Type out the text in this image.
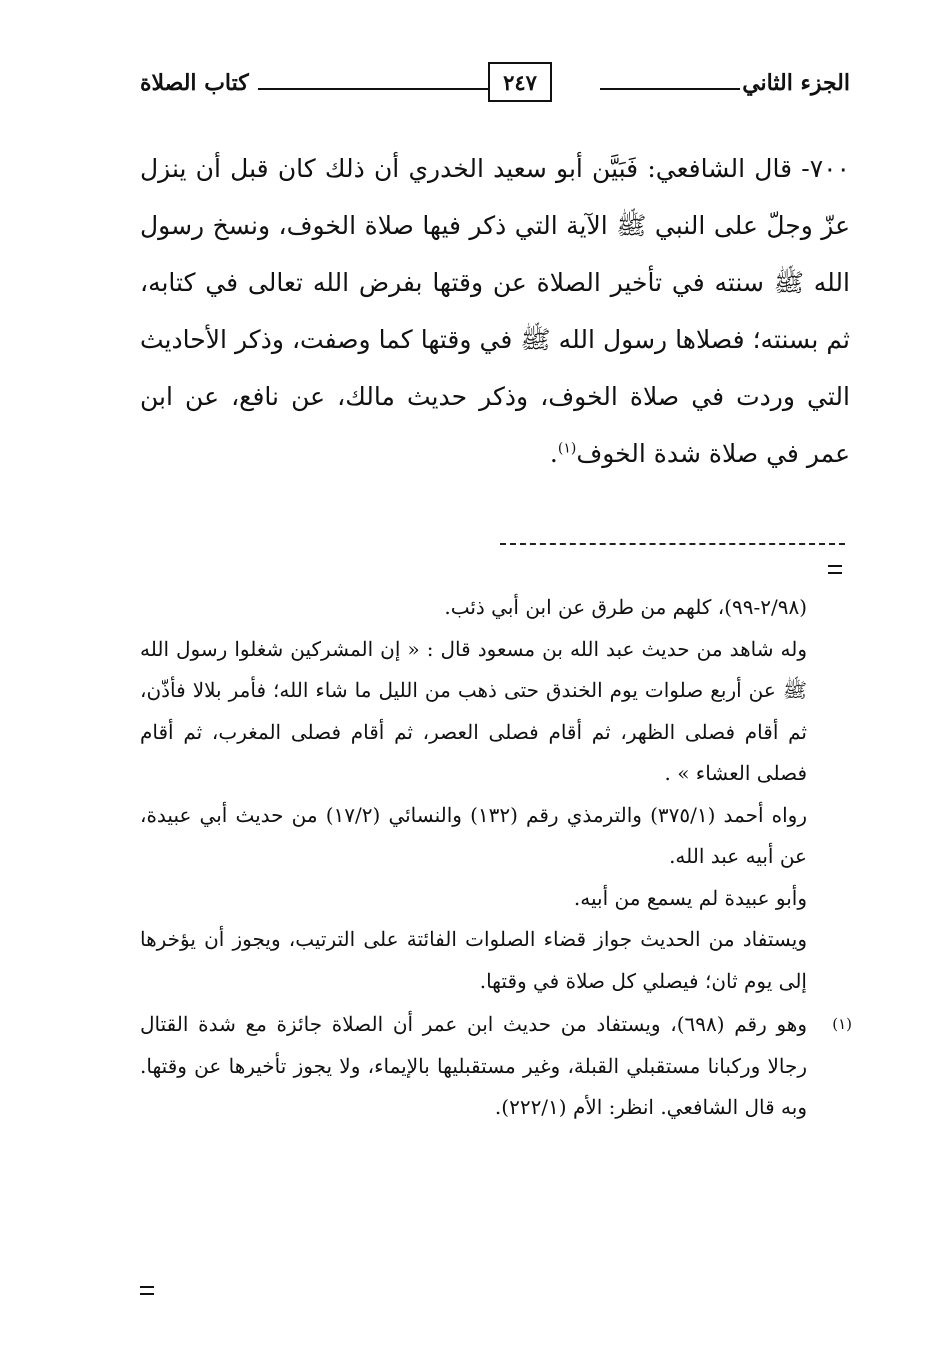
الجزء الثاني
٢٤٧
كتاب الصلاة

٧٠٠- قال الشافعي: فَبَيَّن أبو سعيد الخدري أن ذلك كان قبل أن ينزل عزّ وجلّ على النبي ﷺ الآية التي ذكر فيها صلاة الخوف، ونسخ رسول الله ﷺ سنته في تأخير الصلاة عن وقتها بفرض الله تعالى في كتابه، ثم بسنته؛ فصلاها رسول الله ﷺ في وقتها كما وصفت، وذكر الأحاديث التي وردت في صلاة الخوف، وذكر حديث مالك، عن نافع، عن ابن عمر في صلاة شدة الخوف$^{(١)}$.

(٢/٩٨-٩٩)، كلهم من طرق عن ابن أبي ذئب.

وله شاهد من حديث عبد الله بن مسعود قال : « إن المشركين شغلوا رسول الله ﷺ عن أربع صلوات يوم الخندق حتى ذهب من الليل ما شاء الله؛ فأمر بلالا فأذّن، ثم أقام فصلى الظهر، ثم أقام فصلى العصر، ثم أقام فصلى المغرب، ثم أقام فصلى العشاء » .

رواه أحمد (٣٧٥/١) والترمذي رقم (١٣٢) والنسائي (١٧/٢) من حديث أبي عبيدة، عن أبيه عبد الله.

وأبو عبيدة لم يسمع من أبيه.

ويستفاد من الحديث جواز قضاء الصلوات الفائتة على الترتيب، ويجوز أن يؤخرها إلى يوم ثان؛ فيصلي كل صلاة في وقتها.

(١)
وهو رقم (٦٩٨)، ويستفاد من حديث ابن عمر أن الصلاة جائزة مع شدة القتال رجالا وركبانا مستقبلي القبلة، وغير مستقبليها بالإيماء، ولا يجوز تأخيرها عن وقتها. وبه قال الشافعي. انظر: الأم (٢٢٢/١).
